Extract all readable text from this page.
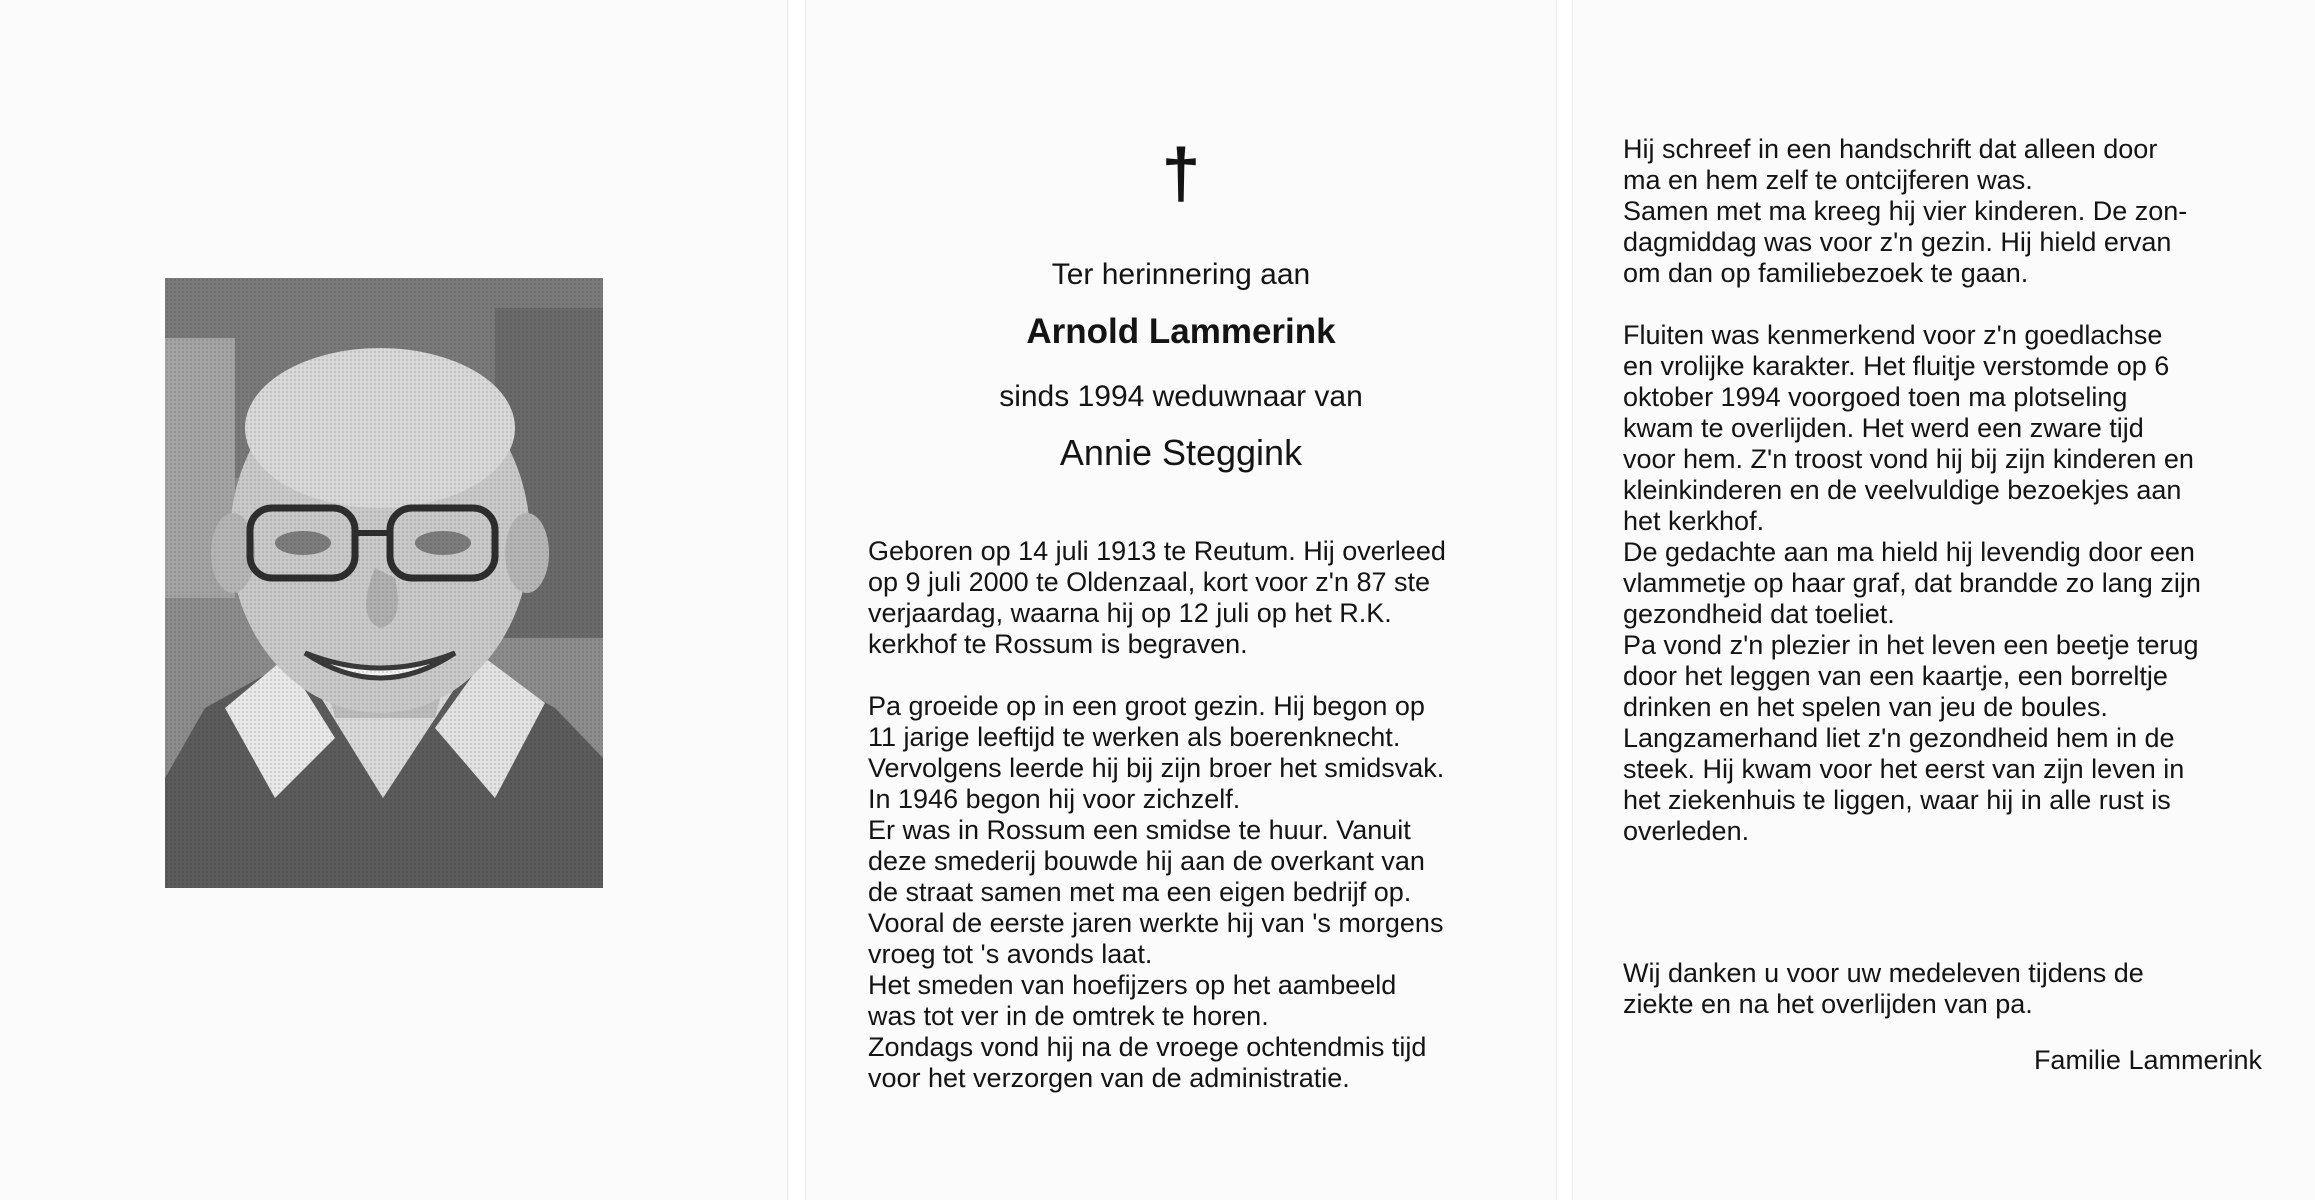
†
Ter herinnering aan
Arnold Lammerink
sinds 1994 weduwnaar van
Annie Steggink

Geboren op 14 juli 1913 te Reutum. Hij overleed

op 9 juli 2000 te Oldenzaal, kort voor z'n 87 ste

verjaardag, waarna hij op 12 juli op het R.K.

kerkhof te Rossum is begraven.

Pa groeide op in een groot gezin. Hij begon op

11 jarige leeftijd te werken als boerenknecht.

Vervolgens leerde hij bij zijn broer het smidsvak.

In 1946 begon hij voor zichzelf.

Er was in Rossum een smidse te huur. Vanuit

deze smederij bouwde hij aan de overkant van

de straat samen met ma een eigen bedrijf op.

Vooral de eerste jaren werkte hij van 's morgens

vroeg tot 's avonds laat.

Het smeden van hoefijzers op het aambeeld

was tot ver in de omtrek te horen.

Zondags vond hij na de vroege ochtendmis tijd

voor het verzorgen van de administratie.

Hij schreef in een handschrift dat alleen door

ma en hem zelf te ontcijferen was.

Samen met ma kreeg hij vier kinderen. De zon-

dagmiddag was voor z'n gezin. Hij hield ervan

om dan op familiebezoek te gaan.

Fluiten was kenmerkend voor z'n goedlachse

en vrolijke karakter. Het fluitje verstomde op 6

oktober 1994 voorgoed toen ma plotseling

kwam te overlijden. Het werd een zware tijd

voor hem. Z'n troost vond hij bij zijn kinderen en

kleinkinderen en de veelvuldige bezoekjes aan

het kerkhof.

De gedachte aan ma hield hij levendig door een

vlammetje op haar graf, dat brandde zo lang zijn

gezondheid dat toeliet.

Pa vond z'n plezier in het leven een beetje terug

door het leggen van een kaartje, een borreltje

drinken en het spelen van jeu de boules.

Langzamerhand liet z'n gezondheid hem in de

steek. Hij kwam voor het eerst van zijn leven in

het ziekenhuis te liggen, waar hij in alle rust is

overleden.

Wij danken u voor uw medeleven tijdens de

ziekte en na het overlijden van pa.

Familie Lammerink
